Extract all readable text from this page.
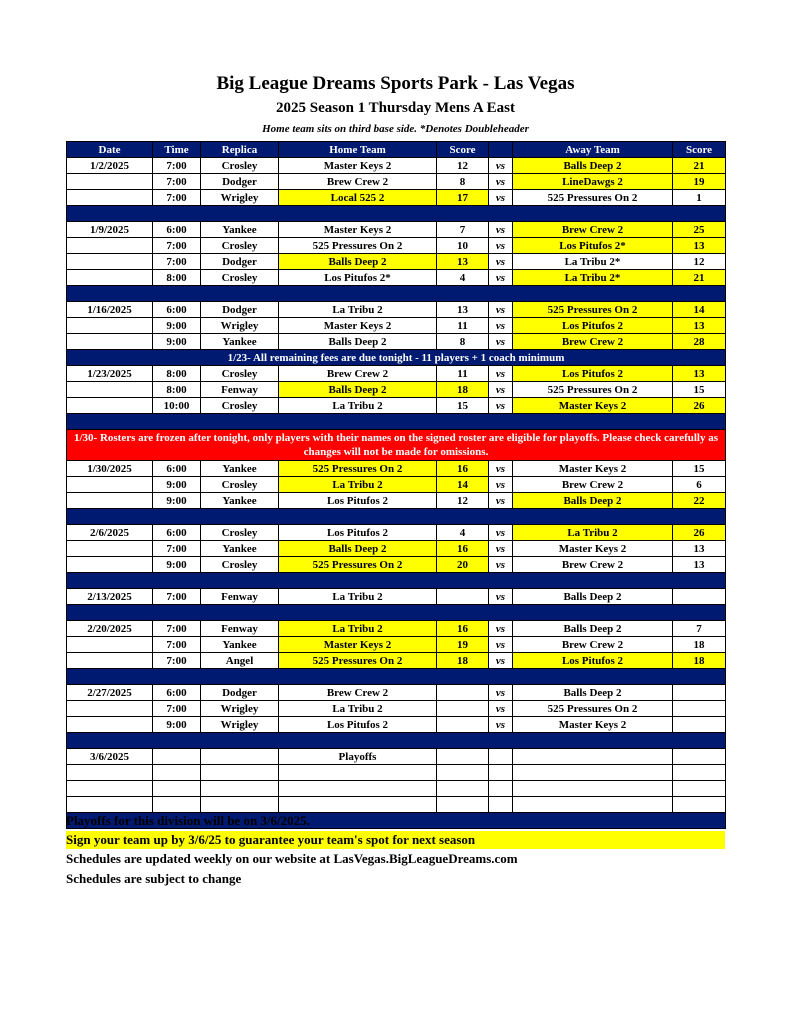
Big League Dreams Sports Park - Las Vegas
2025 Season 1 Thursday Mens A East
Home team sits on third base side. *Denotes Doubleheader
Date	Time	Replica	Home Team	Score		Away Team	Score
1/2/2025	7:00	Crosley	Master Keys 2	12	vs	Balls Deep 2	21
	7:00	Dodger	Brew Crew 2	8	vs	LineDawgs 2	19
	7:00	Wrigley	Local 525 2	17	vs	525 Pressures On 2	1

1/9/2025	6:00	Yankee	Master Keys 2	7	vs	Brew Crew 2	25
	7:00	Crosley	525 Pressures On 2	10	vs	Los Pitufos 2*	13
	7:00	Dodger	Balls Deep 2	13	vs	La Tribu 2*	12
	8:00	Crosley	Los Pitufos 2*	4	vs	La Tribu 2*	21

1/16/2025	6:00	Dodger	La Tribu 2	13	vs	525 Pressures On 2	14
	9:00	Wrigley	Master Keys 2	11	vs	Los Pitufos 2	13
	9:00	Yankee	Balls Deep 2	8	vs	Brew Crew 2	28
1/23- All remaining fees are due tonight - 11 players + 1 coach minimum							
1/23/2025	8:00	Crosley	Brew Crew 2	11	vs	Los Pitufos 2	13
	8:00	Fenway	Balls Deep 2	18	vs	525 Pressures On 2	15
	10:00	Crosley	La Tribu 2	15	vs	Master Keys 2	26

1/30- Rosters are frozen after tonight, only players with their names on the signed roster are eligible for playoffs. Please check carefully as changes will not be made for omissions.							
1/30/2025	6:00	Yankee	525 Pressures On 2	16	vs	Master Keys 2	15
	9:00	Crosley	La Tribu 2	14	vs	Brew Crew 2	6
	9:00	Yankee	Los Pitufos 2	12	vs	Balls Deep 2	22

2/6/2025	6:00	Crosley	Los Pitufos 2	4	vs	La Tribu 2	26
	7:00	Yankee	Balls Deep 2	16	vs	Master Keys 2	13
	9:00	Crosley	525 Pressures On 2	20	vs	Brew Crew 2	13

2/13/2025	7:00	Fenway	La Tribu 2		vs	Balls Deep 2	

2/20/2025	7:00	Fenway	La Tribu 2	16	vs	Balls Deep 2	7
	7:00	Yankee	Master Keys 2	19	vs	Brew Crew 2	18
	7:00	Angel	525 Pressures On 2	18	vs	Los Pitufos 2	18

2/27/2025	6:00	Dodger	Brew Crew 2		vs	Balls Deep 2	
	7:00	Wrigley	La Tribu 2		vs	525 Pressures On 2	
	9:00	Wrigley	Los Pitufos 2		vs	Master Keys 2	

3/6/2025			Playoffs				

Playoffs for this division will be on 3/6/2025.
Sign your team up by 3/6/25 to guarantee your team's spot for next season
Schedules are updated weekly on our website at LasVegas.BigLeagueDreams.com
Schedules are subject to change
